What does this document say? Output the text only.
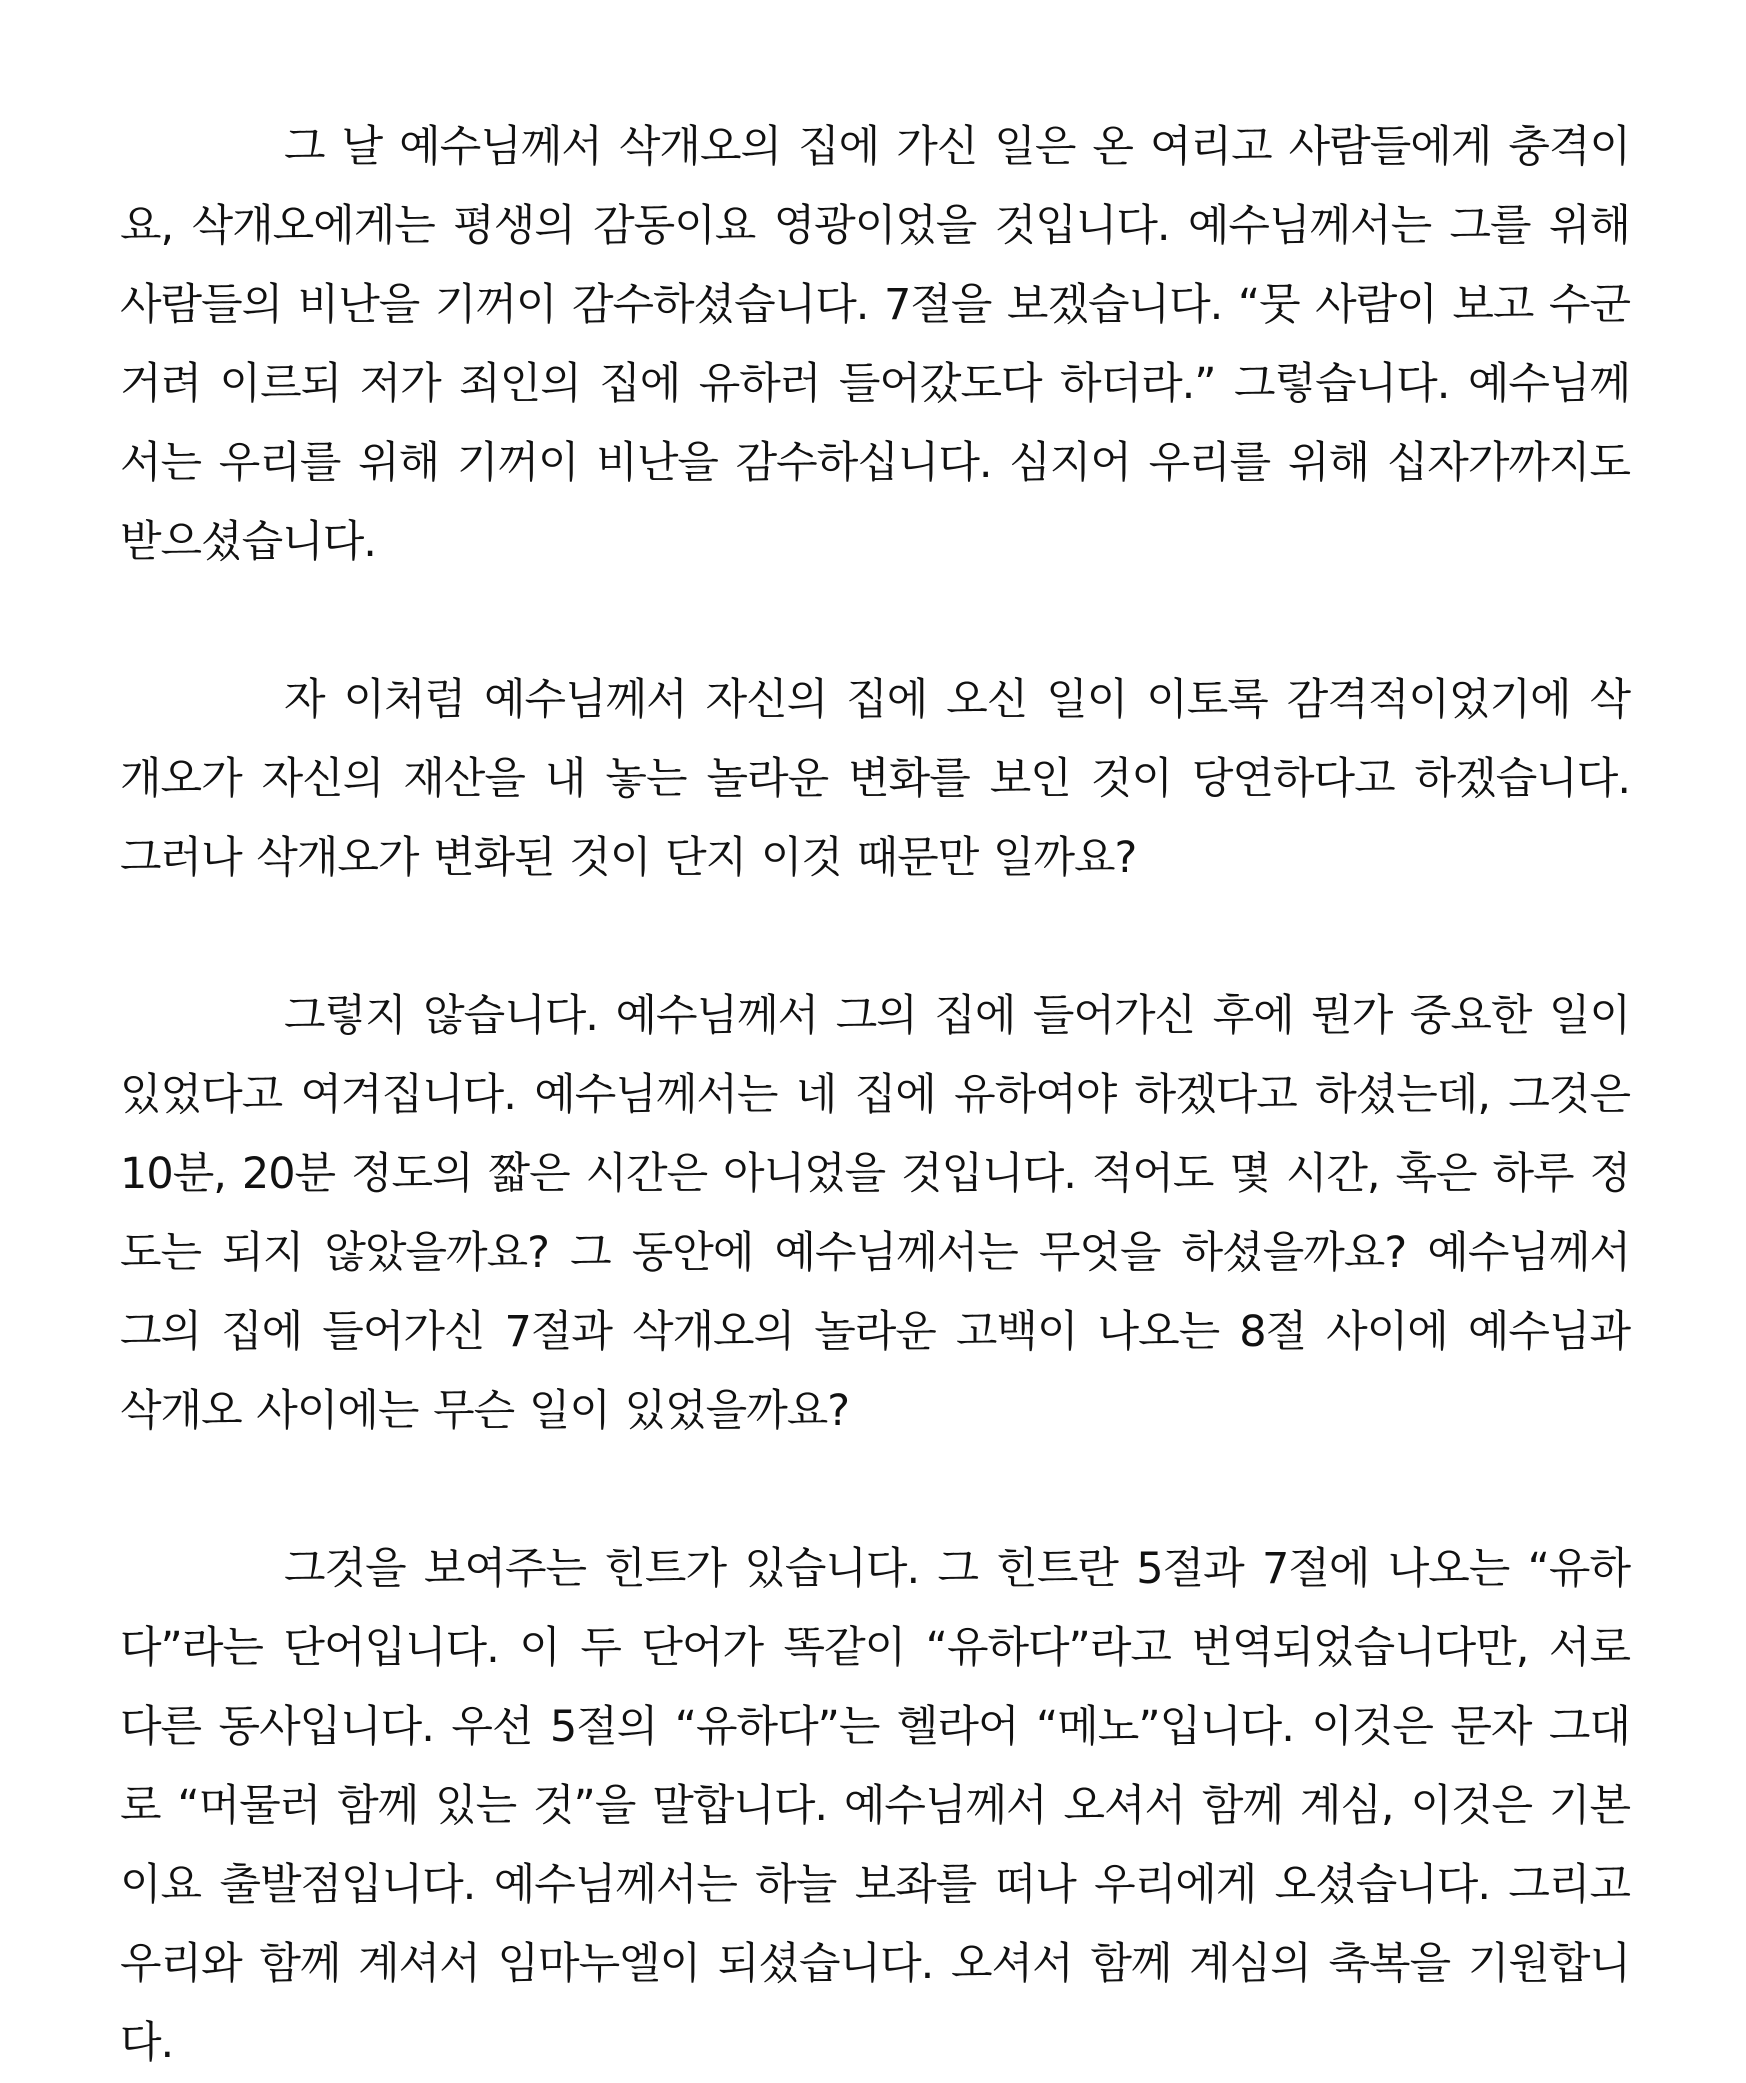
그 날 예수님께서 삭개오의 집에 가신 일은 온 여리고 사람들에게 충격이요, 삭개오에게는 평생의 감동이요 영광이었을 것입니다. 예수님께서는 그를 위해 사람들의 비난을 기꺼이 감수하셨습니다. 7절을 보겠습니다. “뭇 사람이 보고 수군거려 이르되 저가 죄인의 집에 유하러 들어갔도다 하더라.” 그렇습니다. 예수님께서는 우리를 위해 기꺼이 비난을 감수하십니다. 심지어 우리를 위해 십자가까지도 받으셨습니다.

자 이처럼 예수님께서 자신의 집에 오신 일이 이토록 감격적이었기에 삭개오가 자신의 재산을 내 놓는 놀라운 변화를 보인 것이 당연하다고 하겠습니다. 그러나 삭개오가 변화된 것이 단지 이것 때문만 일까요?

그렇지 않습니다. 예수님께서 그의 집에 들어가신 후에 뭔가 중요한 일이 있었다고 여겨집니다. 예수님께서는 네 집에 유하여야 하겠다고 하셨는데, 그것은 10분, 20분 정도의 짧은 시간은 아니었을 것입니다. 적어도 몇 시간, 혹은 하루 정도는 되지 않았을까요? 그 동안에 예수님께서는 무엇을 하셨을까요? 예수님께서 그의 집에 들어가신 7절과 삭개오의 놀라운 고백이 나오는 8절 사이에 예수님과 삭개오 사이에는 무슨 일이 있었을까요?

그것을 보여주는 힌트가 있습니다. 그 힌트란 5절과 7절에 나오는 “유하다”라는 단어입니다. 이 두 단어가 똑같이 “유하다”라고 번역되었습니다만, 서로 다른 동사입니다. 우선 5절의 “유하다”는 헬라어 “메노”입니다. 이것은 문자 그대로 “머물러 함께 있는 것”을 말합니다. 예수님께서 오셔서 함께 계심, 이것은 기본이요 출발점입니다. 예수님께서는 하늘 보좌를 떠나 우리에게 오셨습니다. 그리고 우리와 함께 계셔서 임마누엘이 되셨습니다. 오셔서 함께 계심의 축복을 기원합니다.
